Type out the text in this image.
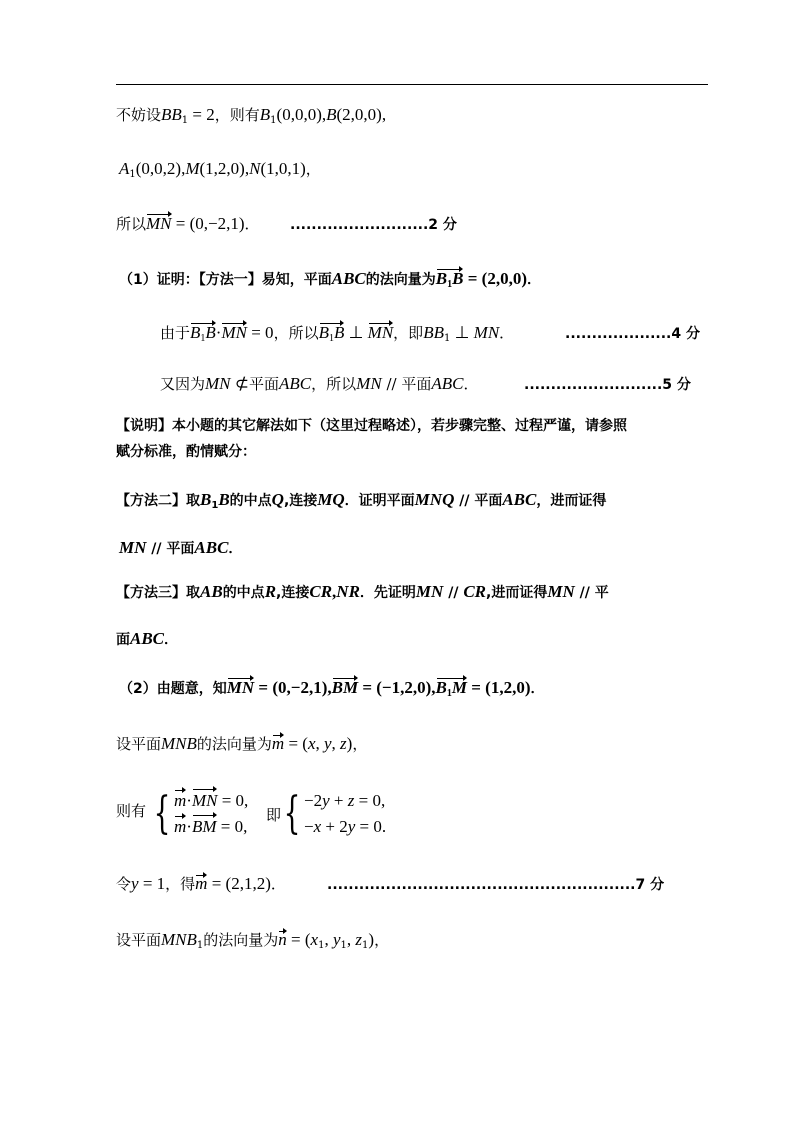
不妨设$BB_1 = 2$，则有$B_1(0,0,0),B(2,0,0)$,
$A_1(0,0,2),M(1,2,0),N(1,0,1)$，
所以MN = (0,−2,1)． ..........................2 分
（1）证明：【方法一】易知，平面ABC的法向量为$B_1B = (2,0,0)$．
由于$B_1B\cdot MN = 0$，所以$B_1B$ ⊥ MN，即$BB_1$ ⊥ MN．	....................4 分
又因为MN ⊄平面ABC，所以MN // 平面ABC．	..........................5 分
【说明】本小题的其它解法如下（这里过程略述），若步骤完整、过程严谨，请参照
赋分标准，酌情赋分：
【方法二】取$B_1B$的中点Q,连接MQ．证明平面MNQ // 平面ABC，进而证得
MN // 平面ABC．
【方法三】取AB的中点R,连接CR,NR．先证明MN // CR,进而证得MN // 平
面ABC．
（2）由题意，知MN = $(0,-2,1),BM = (-1,2,0),B_1M = (1,2,0)$．
设平面MNB的法向量为m = (x, y, z)，
则有 { m·MN = 0,
m·BM = 0,
即 { −2y + z = 0,
−x + 2y = 0.
令y = 1，得m = (2,1,2)．	..........................................................7 分
设平面$MNB_1$的法向量为$n = (x_1$, $y_1$, $z_1$)，
